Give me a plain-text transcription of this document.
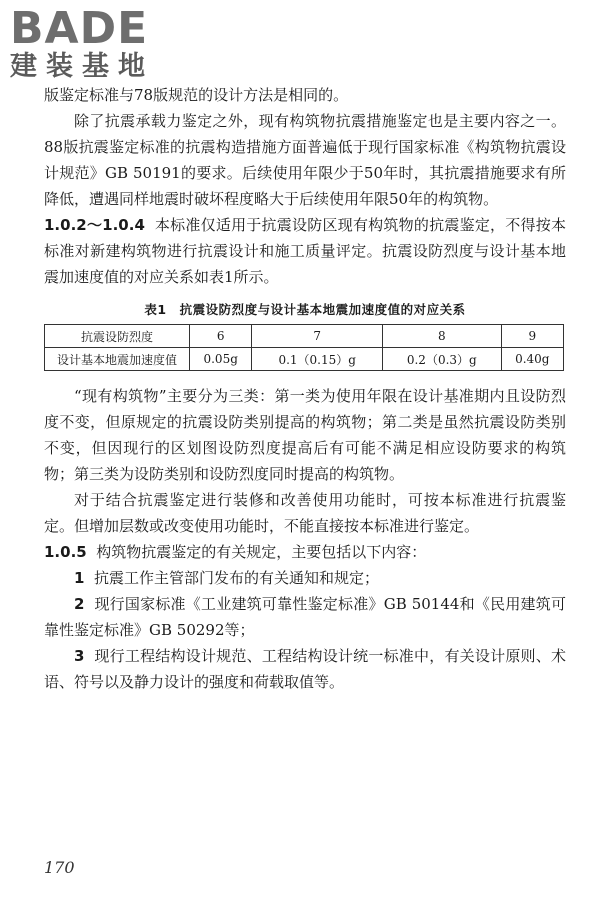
BADE
建装基地

版鉴定标准与78版规范的设计方法是相同的。

除了抗震承载力鉴定之外，现有构筑物抗震措施鉴定也是主要内容之一。88版抗震鉴定标准的抗震构造措施方面普遍低于现行国家标准《构筑物抗震设计规范》GB 50191的要求。后续使用年限少于50年时，其抗震措施要求有所降低，遭遇同样地震时破坏程度略大于后续使用年限50年的构筑物。

1.0.2～1.0.4 本标准仅适用于抗震设防区现有构筑物的抗震鉴定，不得按本标准对新建构筑物进行抗震设计和施工质量评定。抗震设防烈度与设计基本地震加速度值的对应关系如表1所示。

表1　抗震设防烈度与设计基本地震加速度值的对应关系
抗震设防烈度	6	7	8	9
设计基本地震加速度值	0.05g	0.1（0.15）g	0.2（0.3）g	0.40g

“现有构筑物”主要分为三类：第一类为使用年限在设计基准期内且设防烈度不变，但原规定的抗震设防类别提高的构筑物；第二类是虽然抗震设防类别不变，但因现行的区划图设防烈度提高后有可能不满足相应设防要求的构筑物；第三类为设防类别和设防烈度同时提高的构筑物。

对于结合抗震鉴定进行装修和改善使用功能时，可按本标准进行抗震鉴定。但增加层数或改变使用功能时，不能直接按本标准进行鉴定。

1.0.5 构筑物抗震鉴定的有关规定，主要包括以下内容：

1 抗震工作主管部门发布的有关通知和规定；

2 现行国家标准《工业建筑可靠性鉴定标准》GB 50144和《民用建筑可靠性鉴定标准》GB 50292等；

3 现行工程结构设计规范、工程结构设计统一标准中，有关设计原则、术语、符号以及静力设计的强度和荷载取值等。

170
